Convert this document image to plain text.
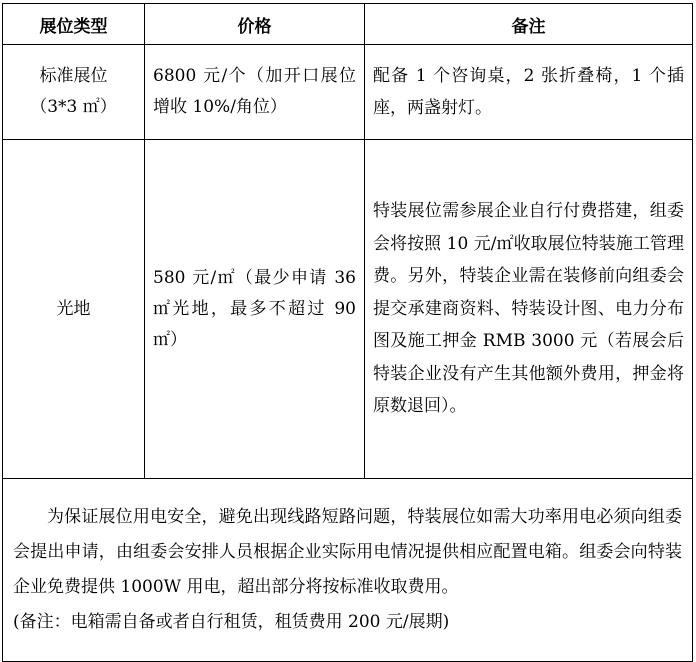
展位类型	价格	备注

标准展位
（3*3 ㎡）	6800 元/个（加开口展位增收 10%/角位）	配备 1 个咨询桌，2 张折叠椅，1 个插座，两盏射灯。

光地	580 元/㎡（最少申请 36 ㎡光地，最多不超过 90 ㎡）	特装展位需参展企业自行付费搭建，组委会将按照 10 元/㎡收取展位特装施工管理费。另外，特装企业需在装修前向组委会提交承建商资料、特装设计图、电力分布图及施工押金 RMB 3000 元（若展会后特装企业没有产生其他额外费用，押金将原数退回）。

为保证展位用电安全，避免出现线路短路问题，特装展位如需大功率用电必须向组委会提出申请，由组委会安排人员根据企业实际用电情况提供相应配置电箱。组委会向特装企业免费提供 1000W 用电，超出部分将按标准收取费用。
(备注：电箱需自备或者自行租赁，租赁费用 200 元/展期)		
